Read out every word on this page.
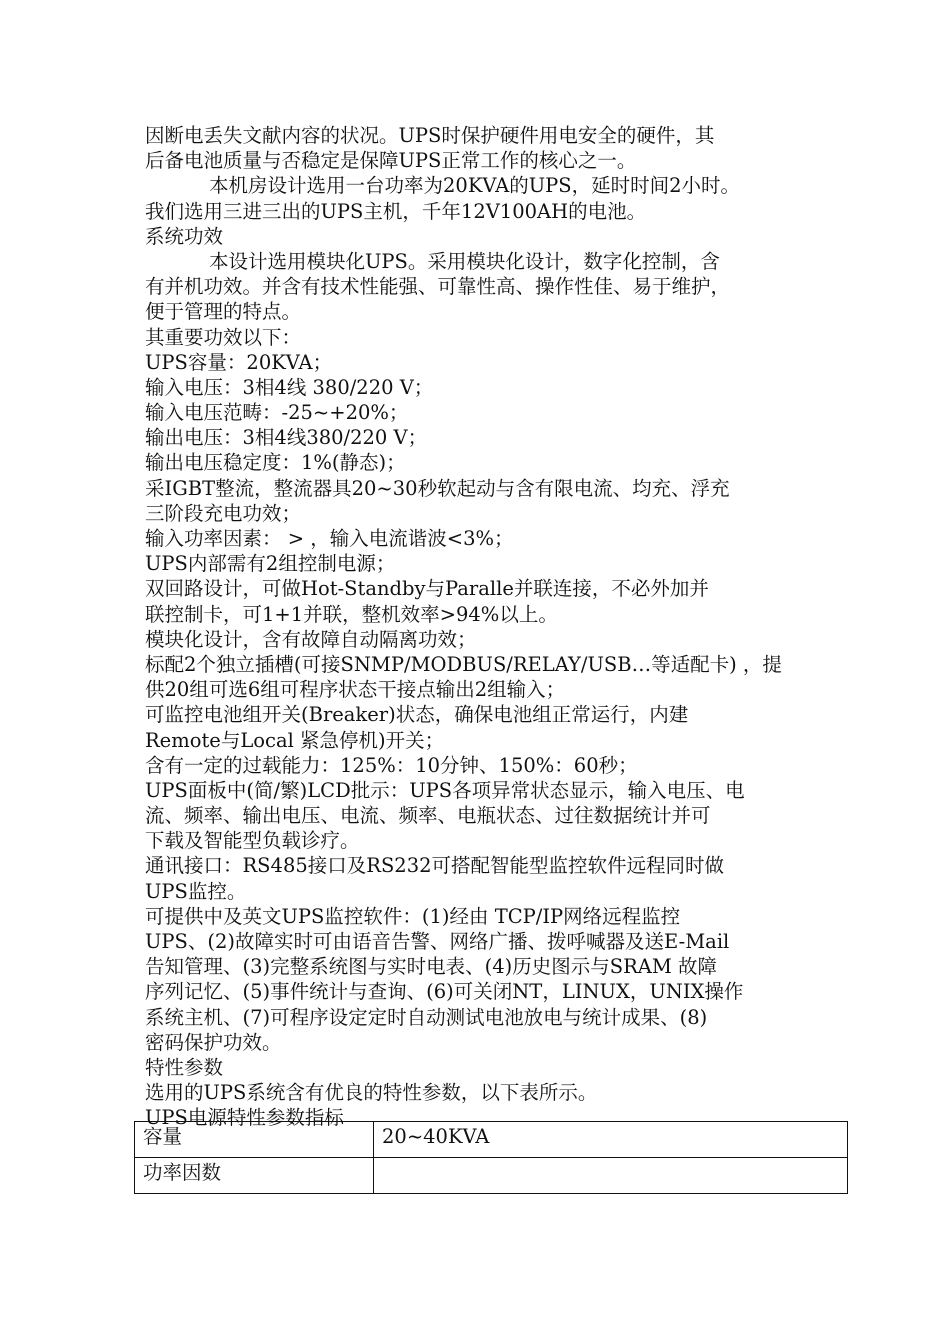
因断电丢失文献内容的状况。UPS时保护硬件用电安全的硬件，其
后备电池质量与否稳定是保障UPS正常工作的核心之一。
本机房设计选用一台功率为20KVA的UPS，延时时间2小时。
我们选用三进三出的UPS主机，千年12V100AH的电池。
系统功效
本设计选用模块化UPS。采用模块化设计，数字化控制，含
有并机功效。并含有技术性能强、可靠性高、操作性佳、易于维护，
便于管理的特点。
其重要功效以下：
UPS容量：20KVA；
输入电压：3相4线 380/220 V；
输入电压范畴：-25~+20%；
输出电压：3相4线380/220 V；
输出电压稳定度：1%(静态)；
采IGBT整流，整流器具20~30秒软起动与含有限电流、均充、浮充
三阶段充电功效；
输入功率因素： > ，输入电流谐波<3%；
UPS内部需有2组控制电源；
双回路设计，可做Hot-Standby与Paralle并联连接，不必外加并
联控制卡，可1+1并联，整机效率>94%以上。
模块化设计，含有故障自动隔离功效；
标配2个独立插槽(可接SNMP/MODBUS/RELAY/USB…等适配卡) ，提
供20组可选6组可程序状态干接点输出2组输入；
可监控电池组开关(Breaker)状态，确保电池组正常运行，内建
Remote与Local 紧急停机)开关；
含有一定的过载能力：125%：10分钟、150%：60秒；
UPS面板中(简/繁)LCD批示：UPS各项异常状态显示，输入电压、电
流、频率、输出电压、电流、频率、电瓶状态、过往数据统计并可
下载及智能型负载诊疗。
通讯接口：RS485接口及RS232可搭配智能型监控软件远程同时做
UPS监控。
可提供中及英文UPS监控软件：(1)经由 TCP/IP网络远程监控
UPS、(2)故障实时可由语音告警、网络广播、拨呼喊器及送E-Mail
告知管理、(3)完整系统图与实时电表、(4)历史图示与SRAM 故障
序列记忆、(5)事件统计与查询、(6)可关闭NT，LINUX，UNIX操作
系统主机、(7)可程序设定定时自动测试电池放电与统计成果、(8)
密码保护功效。
特性参数
选用的UPS系统含有优良的特性参数，以下表所示。
UPS电源特性参数指标
容量	20~40KVA
功率因数	
